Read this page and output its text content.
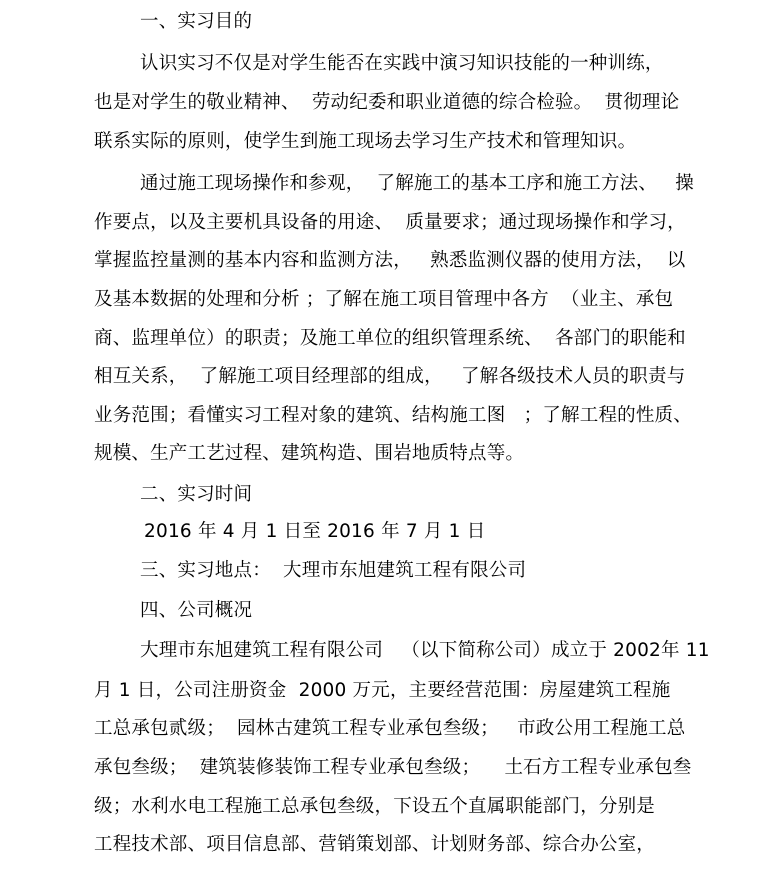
一、实习目的
认识实习不仅是对学生能否在实践中演习知识技能的一种训练，
也是对学生的敬业精神、  劳动纪委和职业道德的综合检验。  贯彻理论
联系实际的原则，使学生到施工现场去学习生产技术和管理知识。
通过施工现场操作和参观，  了解施工的基本工序和施工方法、   操
作要点，以及主要机具设备的用途、  质量要求；通过现场操作和学习，
掌握监控量测的基本内容和监测方法，   熟悉监测仪器的使用方法，  以
及基本数据的处理和分析 ；了解在施工项目管理中各方  （业主、承包
商、监理单位）的职责；及施工单位的组织管理系统、  各部门的职能和
相互关系，  了解施工项目经理部的组成，   了解各级技术人员的职责与
业务范围；看懂实习工程对象的建筑、结构施工图   ；了解工程的性质、
规模、生产工艺过程、建筑构造、围岩地质特点等。
二、实习时间
2016 年 4 月 1 日至 2016 年 7 月 1 日
三、实习地点：  大理市东旭建筑工程有限公司
四、公司概况
大理市东旭建筑工程有限公司   （以下简称公司）成立于 2002年 11
月 1 日，公司注册资金  2000 万元，主要经营范围：房屋建筑工程施
工总承包贰级；  园林古建筑工程专业承包叁级；   市政公用工程施工总
承包叁级；  建筑装修装饰工程专业承包叁级；    土石方工程专业承包叁
级；水利水电工程施工总承包叁级，下设五个直属职能部门，分别是
工程技术部、项目信息部、营销策划部、计划财务部、综合办公室，
